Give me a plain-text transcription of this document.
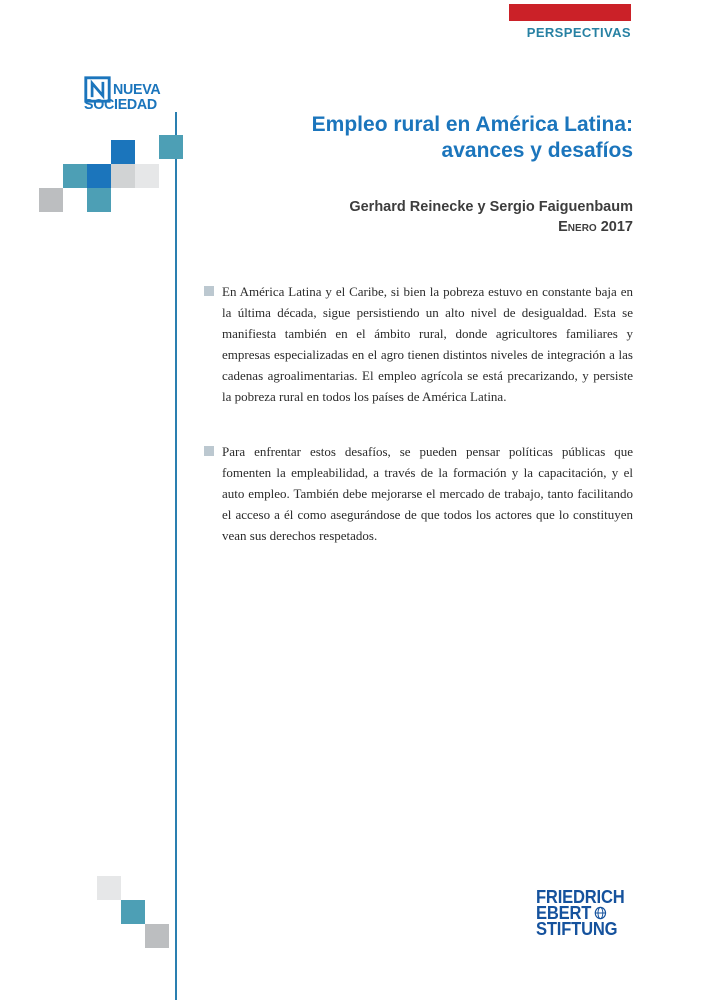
PERSPECTIVAS
NUEVA
SOCIEDAD
Empleo rural en América Latina:
avances y desafíos
Gerhard Reinecke y Sergio Faiguenbaum
Enero 2017

En América Latina y el Caribe, si bien la pobreza estuvo en constante baja en la última década, sigue persistiendo un alto nivel de desigualdad. Esta se manifiesta también en el ámbito rural, donde agricultores familiares y empresas especializadas en el agro tienen distintos niveles de integración a las cadenas agroalimentarias. El empleo agrícola se está precarizando, y persiste la pobreza rural en todos los países de América Latina.

Para enfrentar estos desafíos, se pueden pensar políticas públicas que fomenten la empleabilidad, a través de la formación y la capacitación, y el auto empleo. También debe mejorarse el mercado de trabajo, tanto facilitando el acceso a él como asegurándose de que todos los actores que lo constituyen vean sus derechos respetados.

FRIEDRICH
EBERT
STIFTUNG
